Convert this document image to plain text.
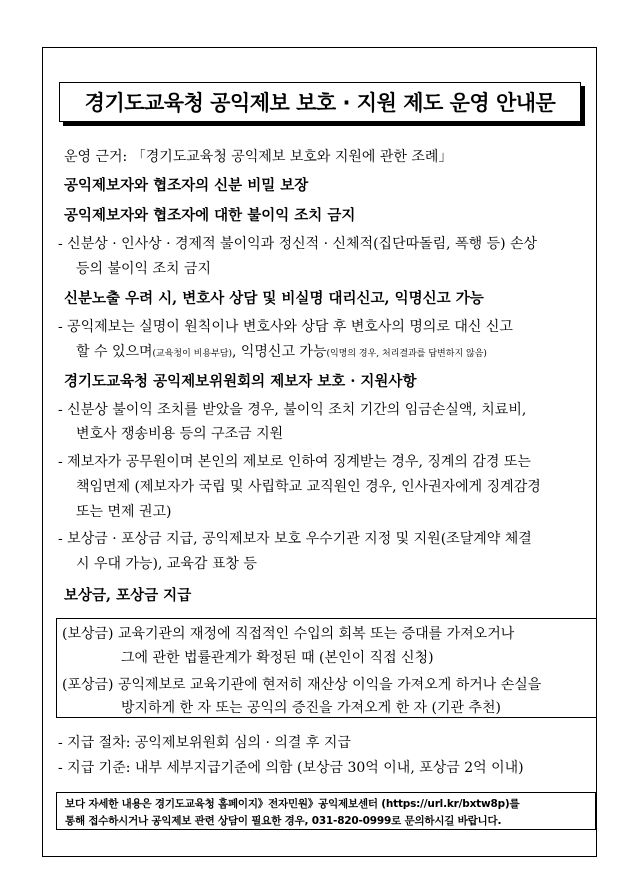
경기도교육청 공익제보 보호 · 지원 제도 운영 안내문
운영 근거: 「경기도교육청 공익제보 보호와 지원에 관한 조례」
공익제보자와 협조자의 신분 비밀 보장
공익제보자와 협조자에 대한 불이익 조치 금지
- 신분상 · 인사상 · 경제적 불이익과 정신적 · 신체적(집단따돌림, 폭행 등) 손상
등의 불이익 조치 금지
신분노출 우려 시, 변호사 상담 및 비실명 대리신고, 익명신고 가능
- 공익제보는 실명이 원칙이나 변호사와 상담 후 변호사의 명의로 대신 신고
할 수 있으며(교육청이 비용부담), 익명신고 가능(익명의 경우, 처리결과를 답변하지 않음)
경기도교육청 공익제보위원회의 제보자 보호 · 지원사항
- 신분상 불이익 조치를 받았을 경우, 불이익 조치 기간의 임금손실액, 치료비,
변호사 쟁송비용 등의 구조금 지원
- 제보자가 공무원이며 본인의 제보로 인하여 징계받는 경우, 징계의 감경 또는
책임면제 (제보자가 국립 및 사립학교 교직원인 경우, 인사권자에게 징계감경
또는 면제 권고)
- 보상금 · 포상금 지급, 공익제보자 보호 우수기관 지정 및 지원(조달계약 체결
시 우대 가능), 교육감 표창 등
보상금, 포상금 지급
(보상금) 교육기관의 재정에 직접적인 수입의 회복 또는 증대를 가져오거나
그에 관한 법률관계가 확정된 때 (본인이 직접 신청)
(포상금) 공익제보로 교육기관에 현저히 재산상 이익을 가져오게 하거나 손실을
방지하게 한 자 또는 공익의 증진을 가져오게 한 자 (기관 추천)
- 지급 절차: 공익제보위원회 심의 · 의결 후 지급
- 지급 기준: 내부 세부지급기준에 의함 (보상금 30억 이내, 포상금 2억 이내)
보다 자세한 내용은 경기도교육청 홈페이지》전자민원》공익제보센터 (https://url.kr/bxtw8p)를
통해 접수하시거나 공익제보 관련 상담이 필요한 경우, 031-820-0999로 문의하시길 바랍니다.
